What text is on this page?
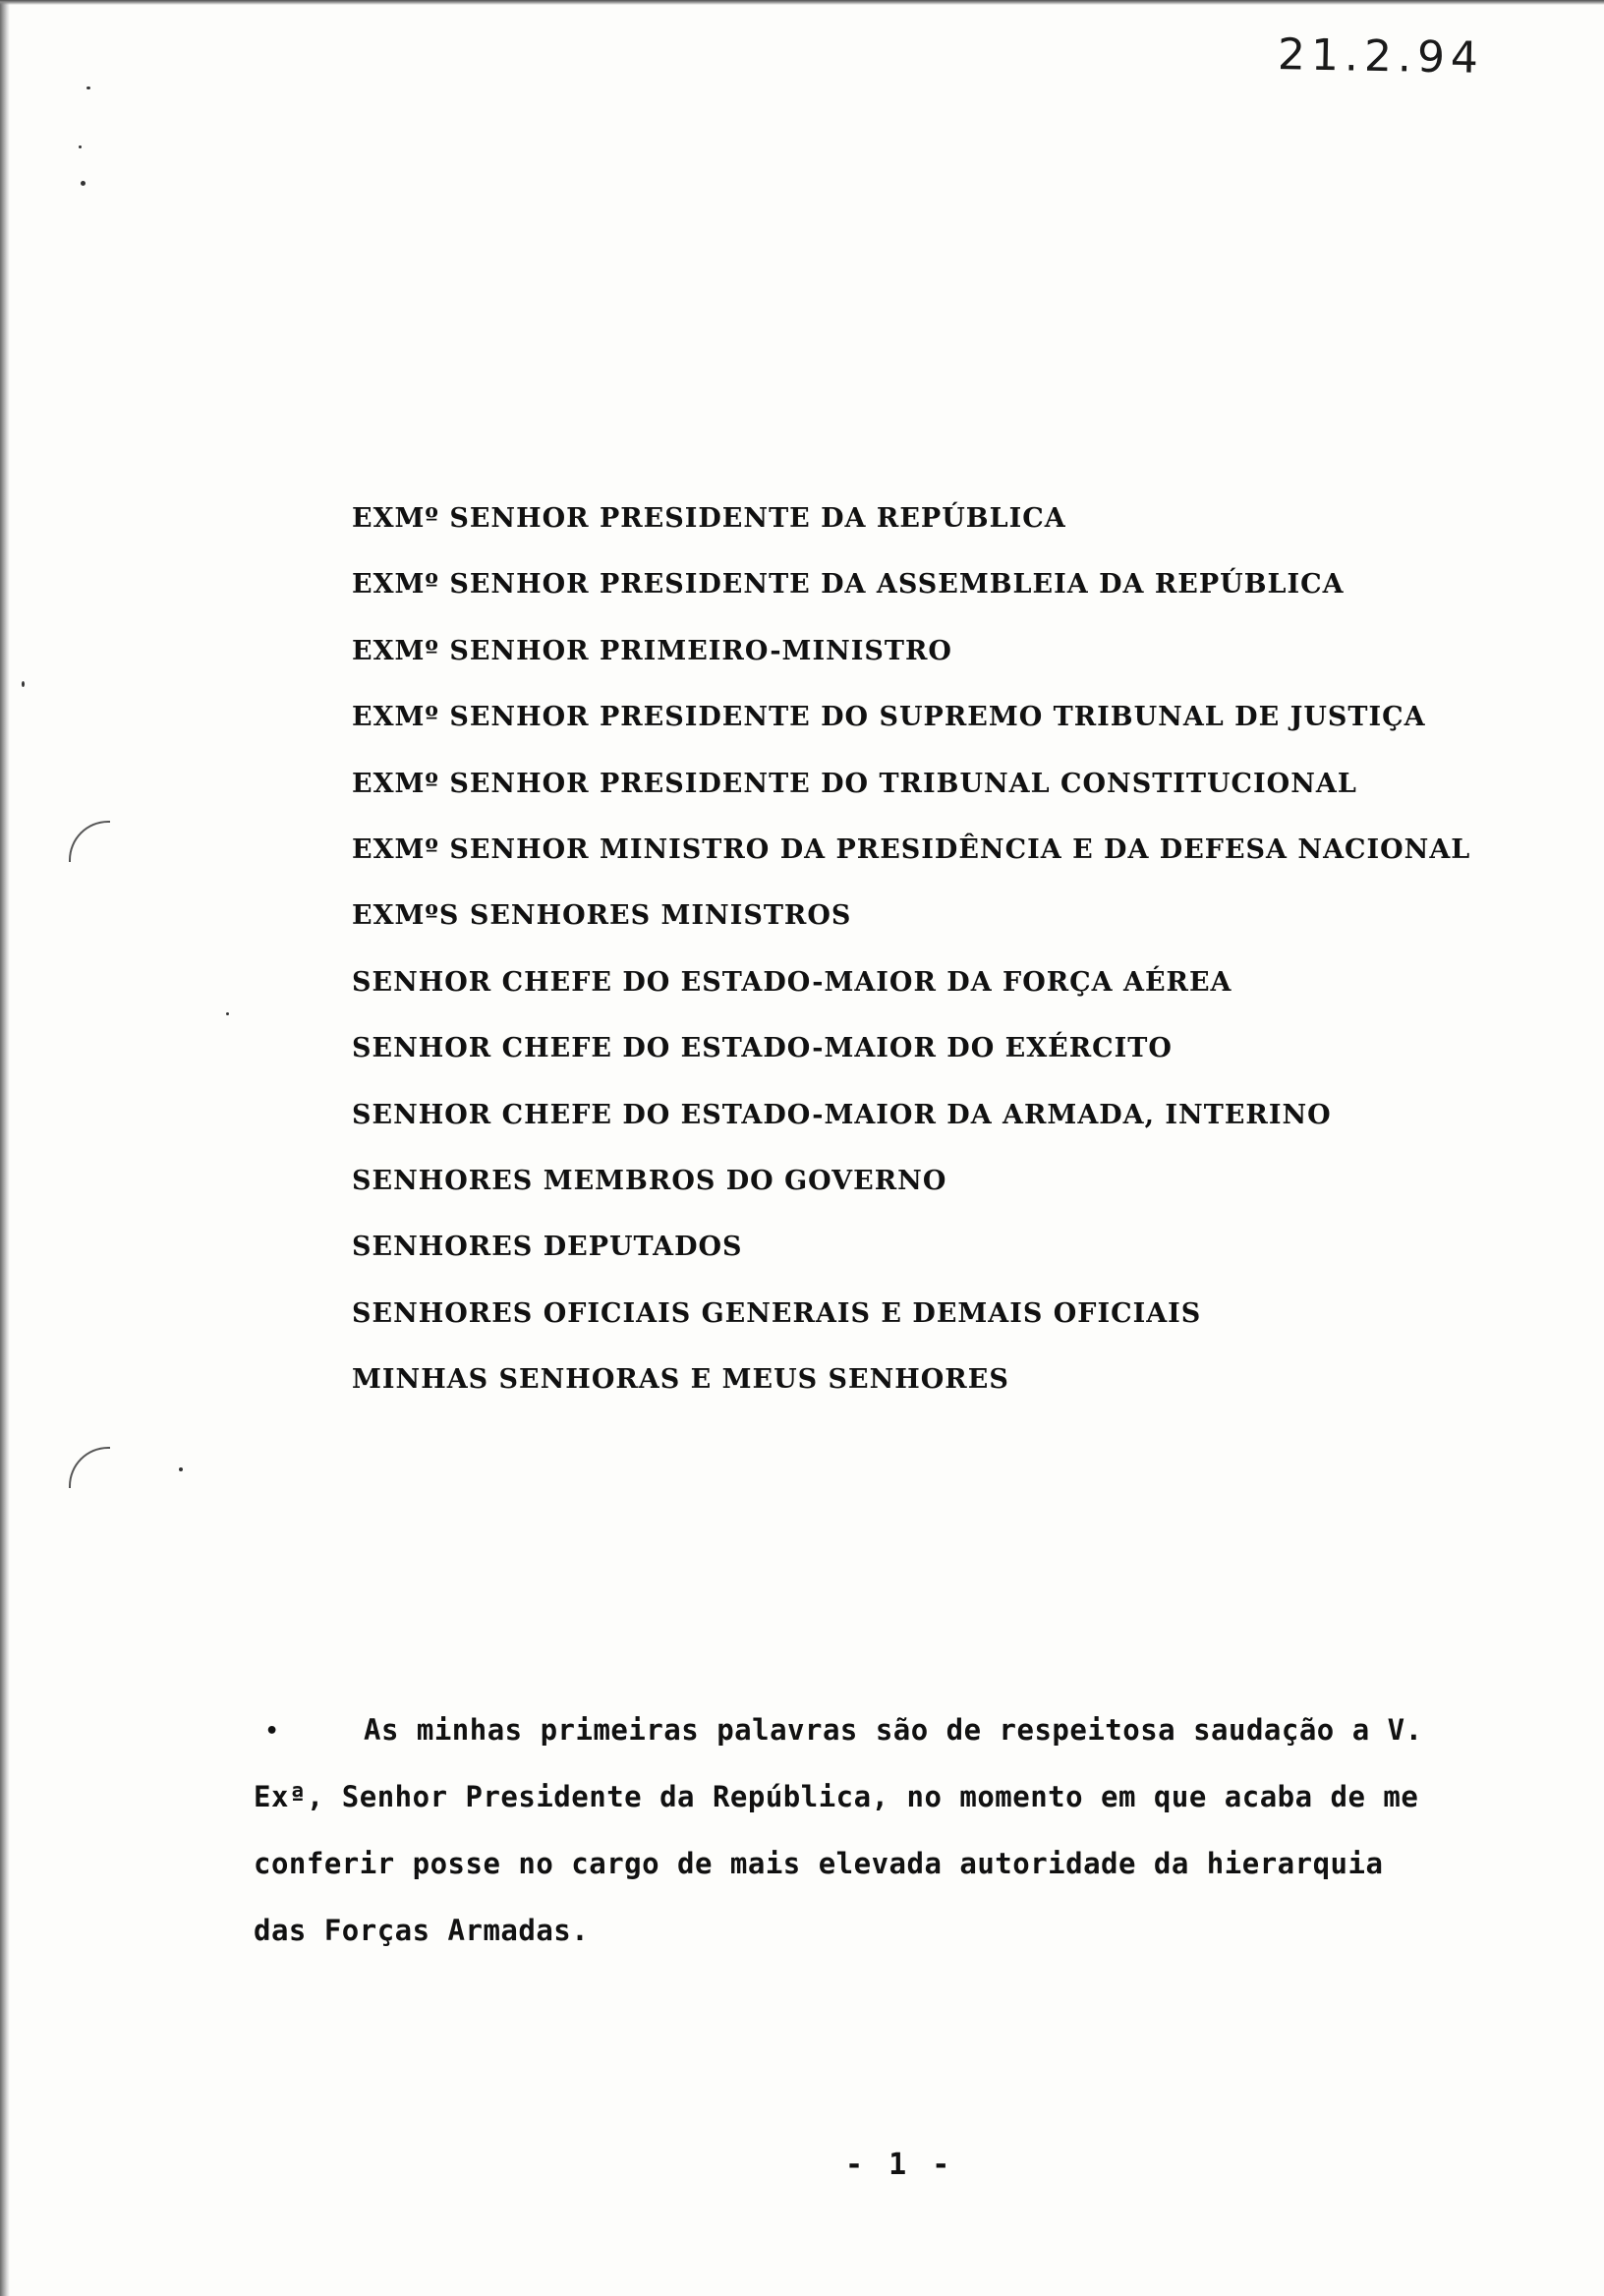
21.2.94
EXMº SENHOR PRESIDENTE DA REPÚBLICA
EXMº SENHOR PRESIDENTE DA ASSEMBLEIA DA REPÚBLICA
EXMº SENHOR PRIMEIRO-MINISTRO
EXMº SENHOR PRESIDENTE DO SUPREMO TRIBUNAL DE JUSTIÇA
EXMº SENHOR PRESIDENTE DO TRIBUNAL CONSTITUCIONAL
EXMº SENHOR MINISTRO DA PRESIDÊNCIA E DA DEFESA NACIONAL
EXMºS SENHORES MINISTROS
SENHOR CHEFE DO ESTADO-MAIOR DA FORÇA AÉREA
SENHOR CHEFE DO ESTADO-MAIOR DO EXÉRCITO
SENHOR CHEFE DO ESTADO-MAIOR DA ARMADA, INTERINO
SENHORES MEMBROS DO GOVERNO
SENHORES DEPUTADOS
SENHORES OFICIAIS GENERAIS E DEMAIS OFICIAIS
MINHAS SENHORAS E MEUS SENHORES
•	As minhas primeiras palavras são de respeitosa saudação a V.
Exª, Senhor Presidente da República, no momento em que acaba de me
conferir posse no cargo de mais elevada autoridade da hierarquia
das Forças Armadas.
- 1 -
